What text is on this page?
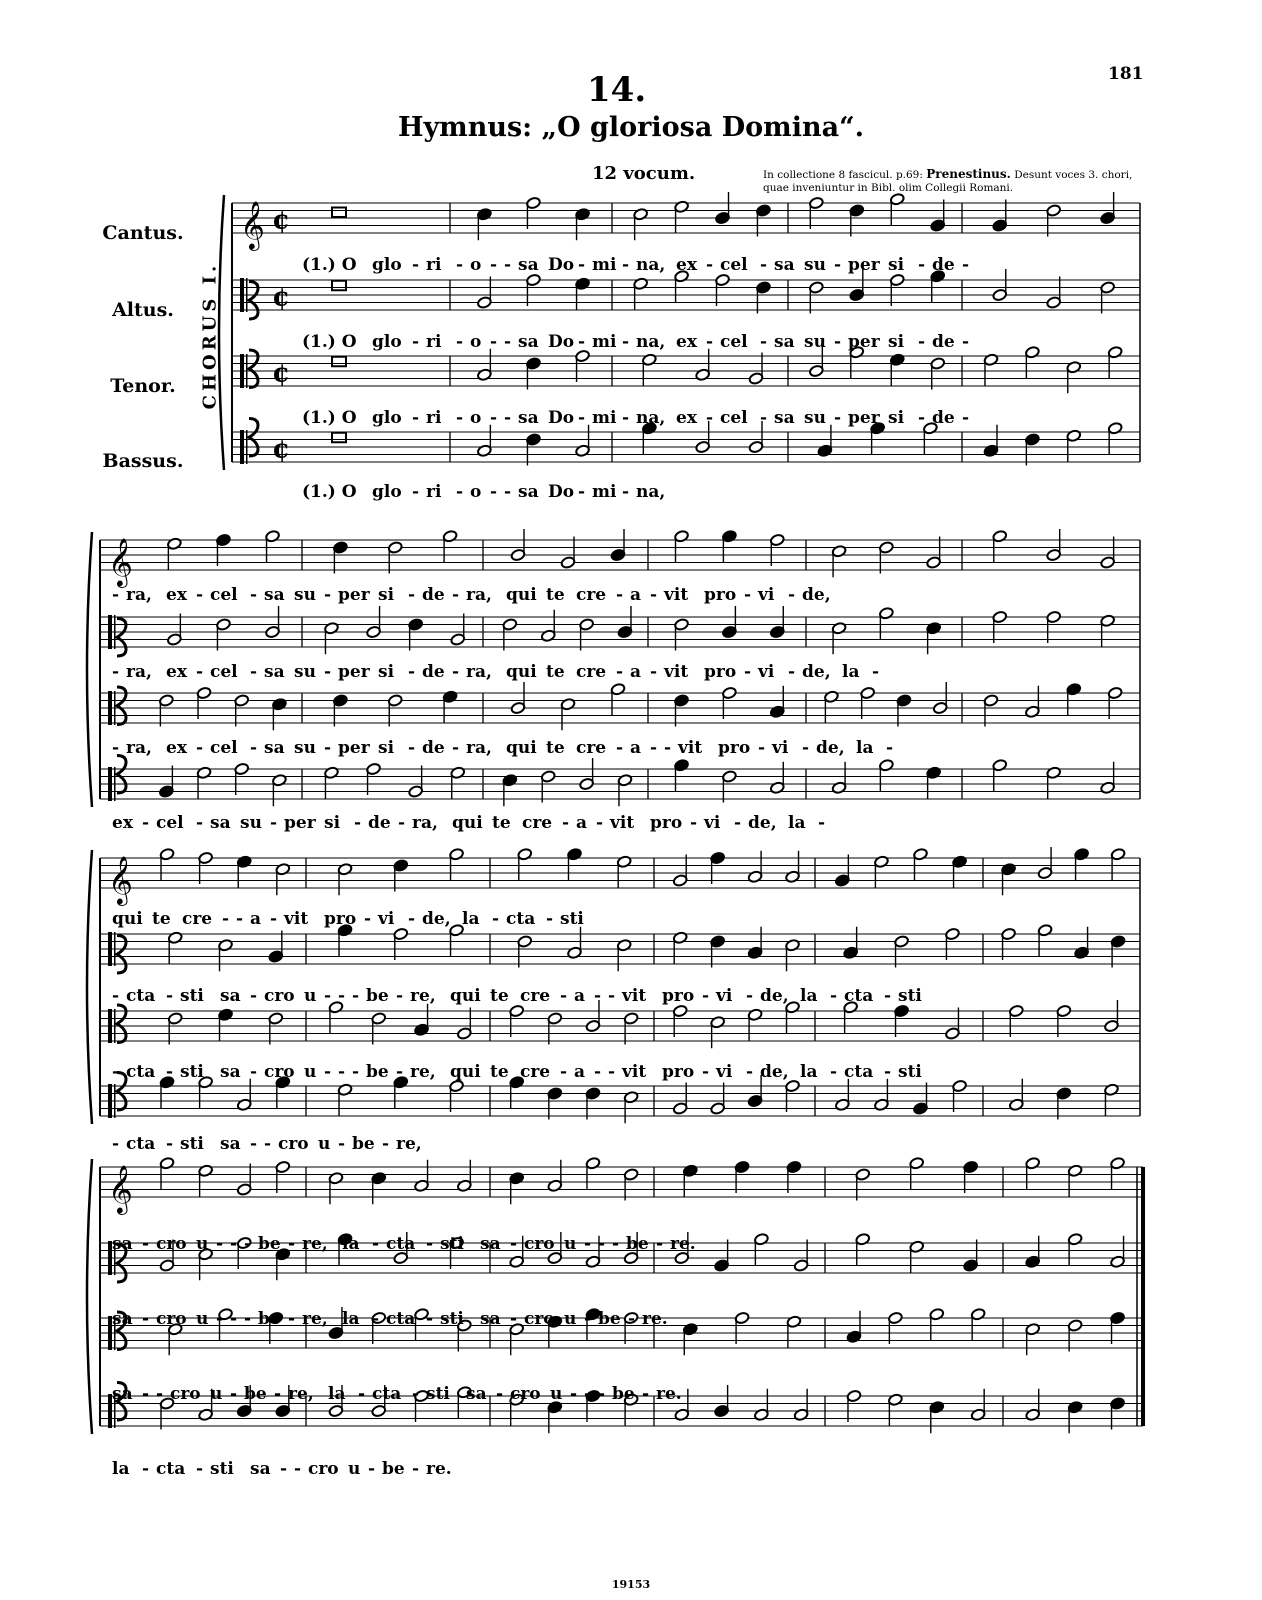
181
14.
Hymnus: „O gloriosa Domina“.
12 vocum.	In collectione 8 fascicul. p.69: Prenestinus. Desunt voces 3. chori, quae inveniuntur in Bibl. olim Collegii Romani.
Cantus.
Altus.
Tenor.
Bassus.
CHORUS I.
𝄞 ¢
¢
¢
¢
(1.) O glo - ri - o - - sa Do - mi - na, ex - cel - sa su - per si - de -
(1.) O glo - ri - o - - sa Do - mi - na, ex - cel - sa su - per si - de -
(1.) O glo - ri - o - - sa Do - mi - na, ex - cel - sa su - per si - de -
(1.) O glo - ri - o - - sa Do - mi - na,
𝄞
- ra, ex - cel - sa su - per si - de - ra, qui te cre - a - vit pro - vi - de,
- ra, ex - cel - sa su - per si - de - ra, qui te cre - a - vit pro - vi - de, la -
- ra, ex - cel - sa su - per si - de - ra, qui te cre - a - - vit pro - vi - de, la -
ex - cel - sa su - per si - de - ra, qui te cre - a - vit pro - vi - de, la -
𝄞
qui te cre - - a - vit pro - vi - de, la - cta - sti
- cta - sti sa - cro u - - - be - re, qui te cre - a - - vit pro - vi - de, la - cta - sti
- cta - sti sa - cro u - - - be - re, qui te cre - a - - vit pro - vi - de, la - cta - sti
- cta - sti sa - - cro u - be - re,
𝄞
sa - cro u - - - be - re, la - cta - sti sa - cro u - - - be - re.
sa - cro u - - - be - re, la - cta - sti sa - cro u - be - re.
sa - - cro u - be - re, la - cta - sti sa - cro u - - - be - re.
la - cta - sti sa - - cro u - be - re.
19153
